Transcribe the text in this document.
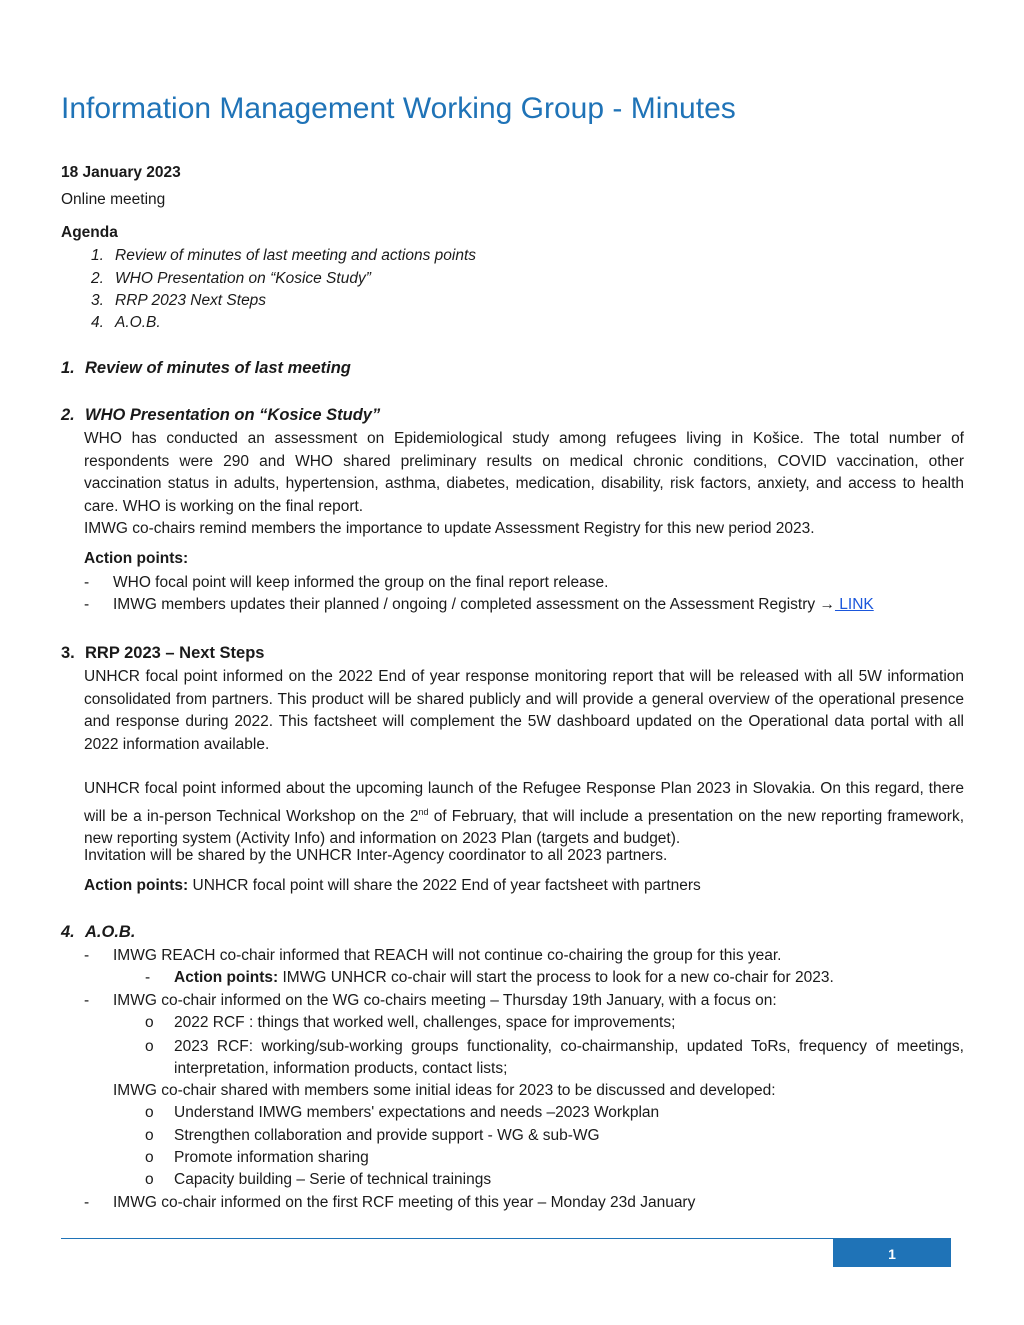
Information Management Working Group - Minutes
18 January 2023
Online meeting
Agenda
1. Review of minutes of last meeting and actions points
2. WHO Presentation on “Kosice Study”
3. RRP 2023 Next Steps
4. A.O.B.
1. Review of minutes of last meeting
2. WHO Presentation on “Kosice Study”

WHO has conducted an assessment on Epidemiological study among refugees living in Košice. The total number of respondents were 290 and WHO shared preliminary results on medical chronic conditions, COVID vaccination, other vaccination status in adults, hypertension, asthma, diabetes, medication, disability, risk factors, anxiety, and access to health care. WHO is working on the final report.

IMWG co-chairs remind members the importance to update Assessment Registry for this new period 2023.

Action points:
- WHO focal point will keep informed the group on the final report release.
- IMWG members updates their planned / ongoing / completed assessment on the Assessment Registry → LINK
3. RRP 2023 – Next Steps

UNHCR focal point informed on the 2022 End of year response monitoring report that will be released with all 5W information consolidated from partners. This product will be shared publicly and will provide a general overview of the operational presence and response during 2022. This factsheet will complement the 5W dashboard updated on the Operational data portal with all 2022 information available.

UNHCR focal point informed about the upcoming launch of the Refugee Response Plan 2023 in Slovakia. On this regard, there will be a in-person Technical Workshop on the 2nd of February, that will include a presentation on the new reporting framework, new reporting system (Activity Info) and information on 2023 Plan (targets and budget).

Invitation will be shared by the UNHCR Inter-Agency coordinator to all 2023 partners.

Action points: UNHCR focal point will share the 2022 End of year factsheet with partners
4. A.O.B.
- IMWG REACH co-chair informed that REACH will not continue co-chairing the group for this year.
- Action points: IMWG UNHCR co-chair will start the process to look for a new co-chair for 2023.
- IMWG co-chair informed on the WG co-chairs meeting – Thursday 19th January, with a focus on:
o 2022 RCF : things that worked well, challenges, space for improvements;
o	2023 RCF: working/sub-working groups functionality, co-chairmanship, updated ToRs, frequency of meetings, interpretation, information products, contact lists;

IMWG co-chair shared with members some initial ideas for 2023 to be discussed and developed:
o Understand IMWG members' expectations and needs –2023 Workplan
o Strengthen collaboration and provide support - WG & sub-WG
o Promote information sharing
o Capacity building – Serie of technical trainings
- IMWG co-chair informed on the first RCF meeting of this year – Monday 23d January
1
